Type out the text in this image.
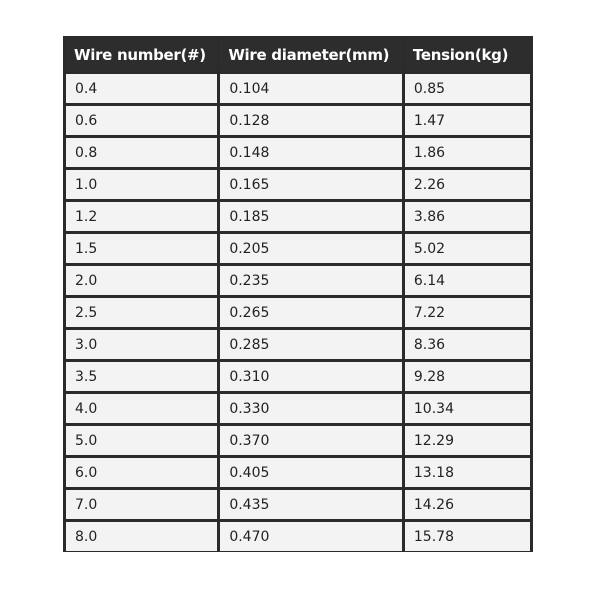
Wire number(#)	Wire diameter(mm)	Tension(kg)
0.4	0.104	0.85
0.6	0.128	1.47
0.8	0.148	1.86
1.0	0.165	2.26
1.2	0.185	3.86
1.5	0.205	5.02
2.0	0.235	6.14
2.5	0.265	7.22
3.0	0.285	8.36
3.5	0.310	9.28
4.0	0.330	10.34
5.0	0.370	12.29
6.0	0.405	13.18
7.0	0.435	14.26
8.0	0.470	15.78
